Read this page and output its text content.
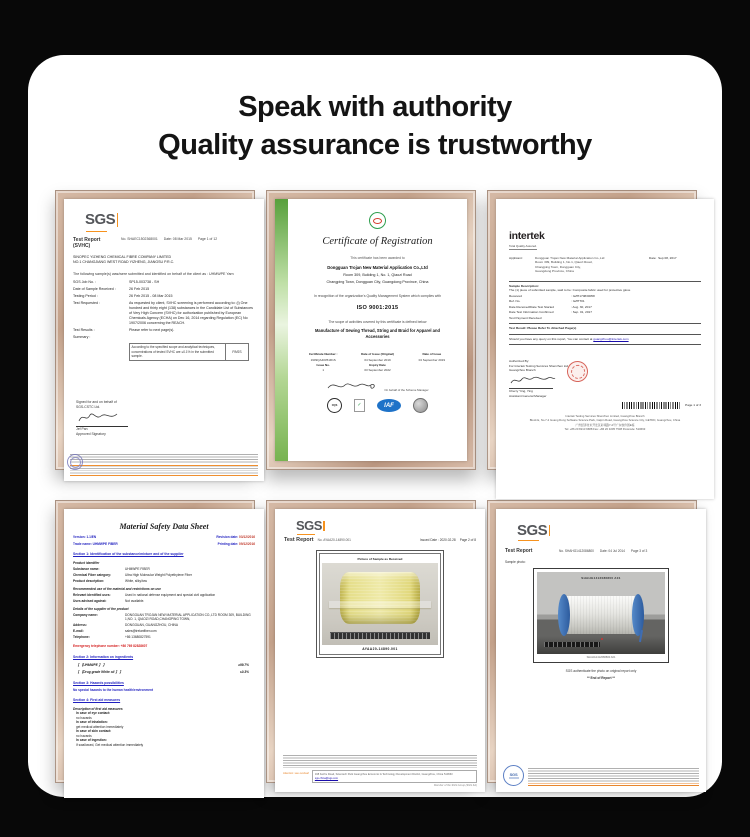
Speak with authority
Quality assurance is trustworthy
SGS
Test Report
(SVHC)
No. SHAEC1502368001 Date: 08 Mar 2015 Page 1 of 12
SINOPEC YIZHENG CHEMICAL FIBRE COMPANY LIMITED
NO.1 CHANGJIANG WEST ROAD YIZHENG, JIANGSU P.R.C.
The following sample(s) was/were submitted and identified on behalf of the client as : UHMWPE Yarn
SGS Job No. :	SP15-003738 - SH
Date of Sample Received :	26 Feb 2015
Testing Period :	26 Feb 2015 - 08 Mar 2015
Test Requested :	As requested by client, SVHC screening is performed according to: (i) One hundred and thirty eight (138) substances in the Candidate List of Substances of Very High Concern (SVHC) for authorization published by European Chemicals Agency (ECHA) on Dec 16, 2014 regarding Regulation (EC) No 1907/2006 concerning the REACH.
Test Results :	Please refer to next page(s).
Summary :
According to the specified scope and analytical techniques, concentrations of tested SVHC are ≤0.1% in the submitted sample.
PASS
Signed for and on behalf of
SGS-CSTC Ltd.
Jef Pan
Approved Signatory
Certificate of Registration
This certificate has been awarded to
Dongguan Trojan New Material Application Co.,Ltd
Room 309, Building 1, No. 1, Qiaozi Road
Changping Town, Dongguan City, Guangdong Province, China
In recognition of the organization's Quality Management System which complies with
ISO 9001:2015
The scope of activities covered by this certificate is defined below
Manufacture of Sewing Thread, String and Braid for Apparel and Accessories
Certificate Number :	Date of Issue (Original)	Date of Issue
1909QA40351R1S	04 September 2019	04 September 2019
Issue No.	Expiry Date
1	03 September 2022
On behalf of the Scheme Manager
CQS	✓	IAF
intertek
Total Quality Assured.
Applicant:	Dongguan Trojan New Material Application Co.,Ltd
Room 309, Building 1, No.1, Qiaozi Road,
Changping Town, Dongguan City,
Guangdong Province, China
Date: Sep 08, 2017
Sample Description:
The (1) piece of submitted sample, said to be: Composite fabric used for protective glove
Received	: GZH170830058
Ref. No.	: GZHT01
Date Received/Date Test Started	: Aug. 30, 2017
Date Test Information Confirmed	: Sep. 01, 2017
Test Payment Received
Test Result: Please Refer To Attached Page(s)
Should you have any query on this report, You can contact at guangzhou@intertek.com
Authorized By:
For Intertek Testing Services Shenzhen Ltd.
Guangzhou Branch
Cherry Ying, Ying
Assistant General Manager
Page 1 of 3
Intertek Testing Services Shenzhen Limited, Guangzhou Branch
Block E, No.7-2 Guang Dong Software Science Park, Caipin Road, Guangzhou Science City, GETDD, Guangzhou, China
广州经济技术开发区彩频路7-2号广东软件园E栋
Tel: +86 20 8213 9688 Fax: +86 20 3205 7538 Postcode: 510663
Material Safety Data Sheet
Version: 1.1/EN	Revision date: 03/12/2016
Trade name: UHMWPE FIBER	Printing date: 09/12/2016
Section 1: Identification of the substance/mixture and of the supplier
Product identifier
Substance name:	UHMWPE FIBER
Chemical Fiber category:	Ultra High Molecular Weight Polyethylene Fiber
Product description:	White, silky/tow
Recommended use of the material and restrictions on use
Relevant identified uses:	Used in national defense equipment and special civil application
Uses advised against:	Not available.
Details of the supplier of the product
Company name:	DONGGUAN TROJAN NEW MATERIAL APPLICATION CO.,LTD ROOM 309, BUILDING 1,NO. 1, QIAOZI ROAD,CHANGPING TOWN,
Address:	DONGGUAN, GUANGZHOU, CHINA
E-mail:	sales@trelanfiber.com
Telephone:	+86 13680827591
Emergency telephone number: +86 769 82828607
Section 2: Information on ingredients
【 【UHMWPE 】 】	≥99.7%
【 【Drug grade White oil 】 】	≤0.3%
Section 3: Hazards possibilities
No special hazards to the human health/environment
Section 4: First aid measures
Description of first aid measures
In case of eye contact:
no hazards
In case of inhalation:
get medical attention immediately
In case of skin contact:
no hazards
In case of ingestion:
If swallowed, Get medical attention immediately
SGS
Test Report No. AYAA20-14890.001	Issued Date : 2020.02.28 Page 2 of 8
Picture of Sample as Received
AYAA20-14890.001
Attention: see overleaf 198 Kezhu Road, Scientech Park Guangzhou Economic & Technology Development District, Guangzhou, China 510663
sgs.china@sgs.com
Member of the SGS Group (SGS SA)
SGS
Test Report	No. SHAHG1412086800 Date: 04 Jul 2014 Page 3 of 3
Sample photo:
SHAHG1412086800 A01
SHAHG1412086800 A01
SGS authenticate the photo on original report only
** End of Report **
SGS
